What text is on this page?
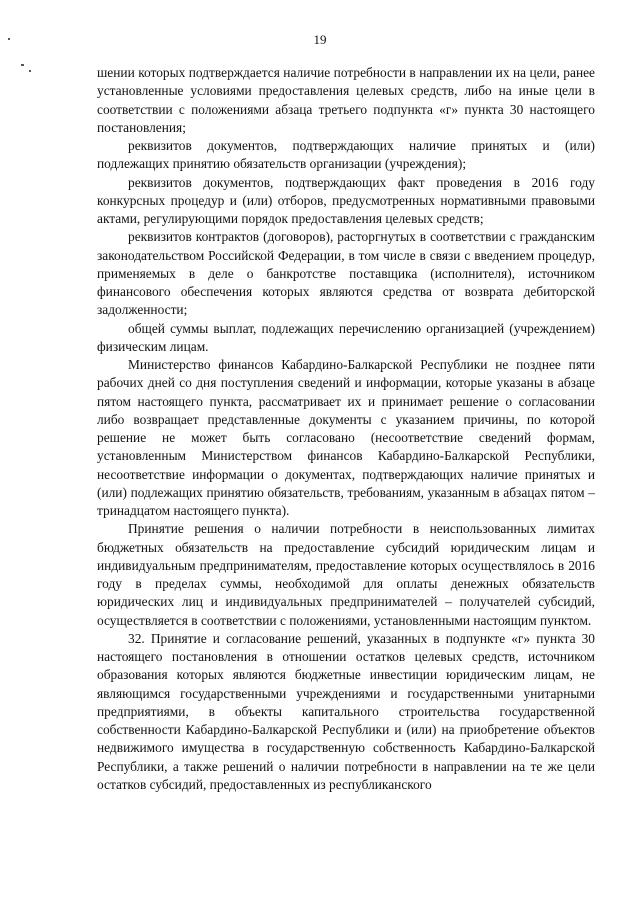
19

шении которых подтверждается наличие потребности в направлении их на цели, ранее установленные условиями предоставления целевых средств, либо на иные цели в соответствии с положениями абзаца третьего подпункта «г» пункта 30 настоящего постановления;

реквизитов документов, подтверждающих наличие принятых и (или) подлежащих принятию обязательств организации (учреждения);

реквизитов документов, подтверждающих факт проведения в 2016 году конкурсных процедур и (или) отборов, предусмотренных нормативными правовыми актами, регулирующими порядок предоставления целевых средств;

реквизитов контрактов (договоров), расторгнутых в соответствии с гражданским законодательством Российской Федерации, в том числе в связи с введением процедур, применяемых в деле о банкротстве поставщика (исполнителя), источником финансового обеспечения которых являются средства от возврата дебиторской задолженности;

общей суммы выплат, подлежащих перечислению организацией (учреждением) физическим лицам.

Министерство финансов Кабардино-Балкарской Республики не позднее пяти рабочих дней со дня поступления сведений и информации, которые указаны в абзаце пятом настоящего пункта, рассматривает их и принимает решение о согласовании либо возвращает представленные документы с указанием причины, по которой решение не может быть согласовано (несоответствие сведений формам, установленным Министерством финансов Кабардино-Балкарской Республики, несоответствие информации о документах, подтверждающих наличие принятых и (или) подлежащих принятию обязательств, требованиям, указанным в абзацах пятом – тринадцатом настоящего пункта).

Принятие решения о наличии потребности в неиспользованных лимитах бюджетных обязательств на предоставление субсидий юридическим лицам и индивидуальным предпринимателям, предоставление которых осуществлялось в 2016 году в пределах суммы, необходимой для оплаты денежных обязательств юридических лиц и индивидуальных предпринимателей – получателей субсидий, осуществляется в соответствии с положениями, установленными настоящим пунктом.

32. Принятие и согласование решений, указанных в подпункте «г» пункта 30 настоящего постановления в отношении остатков целевых средств, источником образования которых являются бюджетные инвестиции юридическим лицам, не являющимся государственными учреждениями и государственными унитарными предприятиями, в объекты капитального строительства государственной собственности Кабардино-Балкарской Республики и (или) на приобретение объектов недвижимого имущества в государственную собственность Кабардино-Балкарской Республики, а также решений о наличии потребности в направлении на те же цели остатков субсидий, предоставленных из республиканского
